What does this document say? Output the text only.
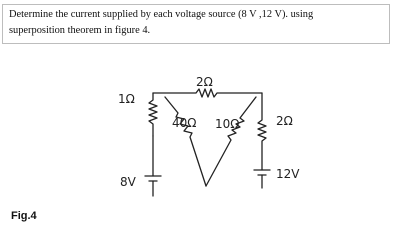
Determine the current supplied by each voltage source (8 V ,12 V). using
superposition theorem in figure 4.
2Ω
1Ω
2Ω
40Ω 10Ω
8V
12V
Fig.4
